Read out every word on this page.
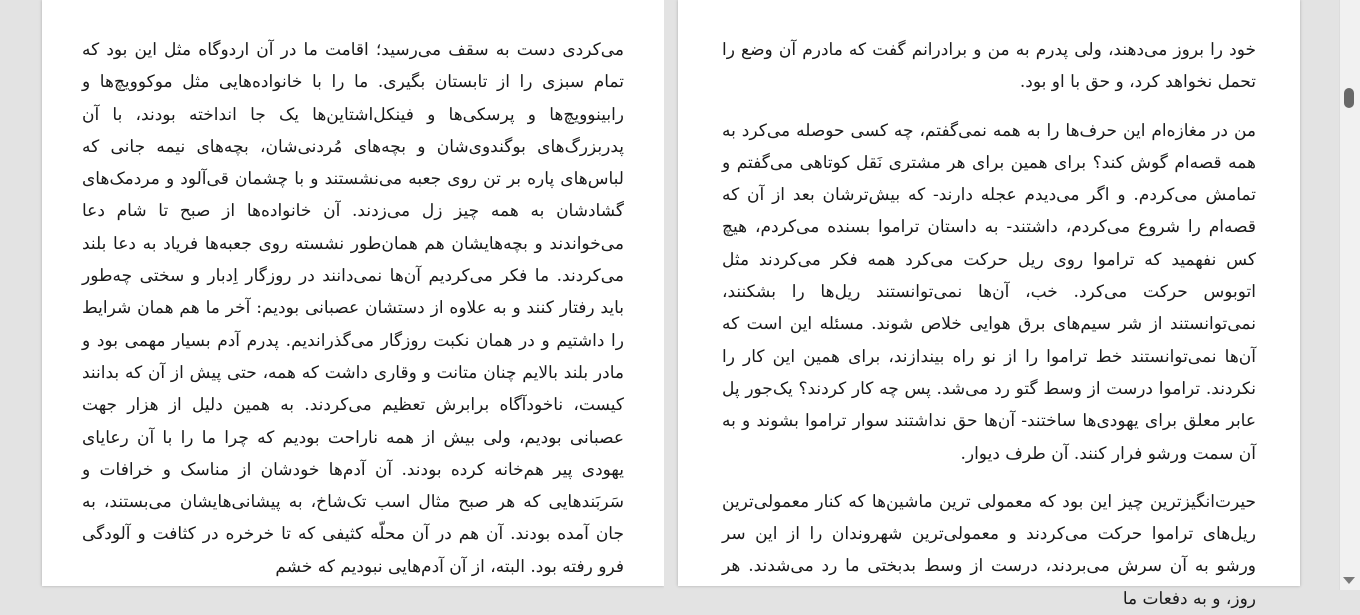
می‌کردی دست به سقف می‌رسید؛ اقامت ما در آن اردوگاه مثل این بود که تمام سبزی را از تابستان بگیری. ما را با خانواده‌هایی مثل موکوویچ‌ها و رابینوویچ‌ها و پرسکی‌ها و فینکل‌اشتاین‌ها یک جا انداخته بودند، با آن پدربزرگ‌های بوگندوی‌شان و بچه‌های مُردنی‌شان، بچه‌های نیمه جانی که لباس‌های پاره بر تن روی جعبه می‌نشستند و با چشمان قی‌آلود و مردمک‌های گشادشان به همه چیز زل می‌زدند. آن خانواده‌ها از صبح تا شام دعا می‌خواندند و بچه‌هایشان هم همان‌طور نشسته روی جعبه‌ها فریاد به دعا بلند می‌کردند. ما فکر می‌کردیم آن‌ها نمی‌دانند در روزگار اِدبار و سختی چه‌طور باید رفتار کنند و به علاوه از دستشان عصبانی بودیم: آخر ما هم همان شرایط را داشتیم و در همان نکبت روزگار می‌گذراندیم. پدرم آدم بسیار مهمی بود و مادر بلند بالایم چنان متانت و وقاری داشت که همه، حتی پیش از آن که بدانند کیست، ناخودآگاه برابرش تعظیم می‌کردند. به همین دلیل از هزار جهت عصبانی بودیم، ولی بیش از همه ناراحت بودیم که چرا ما را با آن رعایای یهودی پیر هم‌خانه کرده بودند. آن آدم‌ها خودشان از مناسک و خرافات و سَربَندهایی که هر صبح مثال اسب تک‌شاخ، به پیشانی‌هایشان می‌بستند، به جان آمده بودند. آن هم در آن محلّه کثیفی که تا خرخره در کثافت و آلودگی فرو رفته بود. البته، از آن آدم‌هایی نبودیم که خشم

خود را بروز می‌دهند، ولی پدرم به من و برادرانم گفت که مادرم آن وضع را تحمل نخواهد کرد، و حق با او بود.

من در مغازه‌ام این حرف‌ها را به همه نمی‌گفتم، چه کسی حوصله می‌کرد به همه قصه‌ام گوش کند؟ برای همین برای هر مشتری نَقل کوتاهی می‌گفتم و تمامش می‌کردم. و اگر می‌دیدم عجله دارند- که بیش‌ترشان بعد از آن که قصه‌ام را شروع می‌کردم، داشتند- به داستان تراموا بسنده می‌کردم، هیچ کس نفهمید که تراموا روی ریل حرکت می‌کرد همه فکر می‌کردند مثل اتوبوس حرکت می‌کرد. خب، آن‌ها نمی‌توانستند ریل‌ها را بشکنند، نمی‌توانستند از شر سیم‌های برق هوایی خلاص شوند. مسئله این است که آن‌ها نمی‌توانستند خط تراموا را از نو راه بیندازند، برای همین این کار را نکردند. تراموا درست از وسط گتو رد می‌شد. پس چه کار کردند؟ یک‌جور پل عابر معلق برای یهودی‌ها ساختند- آن‌ها حق نداشتند سوار تراموا بشوند و به آن سمت ورشو فرار کنند. آن طرف دیوار.

حیرت‌انگیزترین چیز این بود که معمولی ترین ماشین‌ها که کنار معمولی‌ترین ریل‌های تراموا حرکت می‌کردند و معمولی‌ترین شهروندان را از این سر ورشو به آن سرش می‌بردند، درست از وسط بدبختی ما رد می‌شدند. هر روز، و به دفعات ما
